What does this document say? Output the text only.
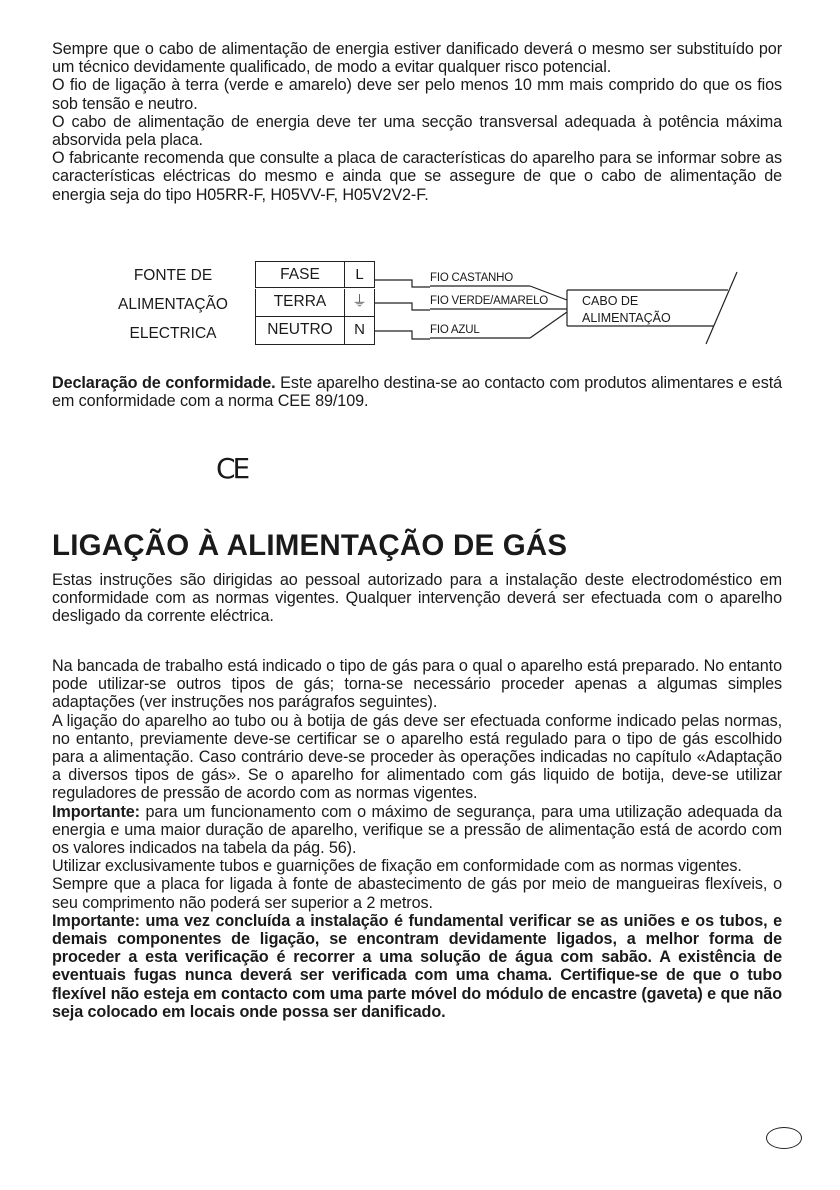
Sempre que o cabo de alimentação de energia estiver danificado deverá o mesmo ser substituído por um técnico devidamente qualificado, de modo a evitar qualquer risco potencial.

O fio de ligação à terra (verde e amarelo) deve ser pelo menos 10 mm mais comprido do que os fios sob tensão e neutro.

O cabo de alimentação de energia deve ter uma secção transversal adequada à potência máxima absorvida pela placa.

O fabricante recomenda que consulte a placa de características do aparelho para se informar sobre as características eléctricas do mesmo e ainda que se assegure de que o cabo de alimentação de energia seja do tipo H05RR-F, H05VV-F, H05V2V2-F.

FONTE DE
ALIMENTAÇÃO
ELECTRICA
FASE	L
TERRA	⏚
NEUTRO	N
FIO CASTANHO
FIO VERDE/AMARELO
FIO AZUL
CABO DE
ALIMENTAÇÃO

Declaração de conformidade. Este aparelho destina-se ao contacto com produtos alimentares e está em conformidade com a norma CEE 89/109.

CE
LIGAÇÃO À ALIMENTAÇÃO DE GÁS

Estas instruções são dirigidas ao pessoal autorizado para a instalação deste electrodoméstico em conformidade com as normas vigentes. Qualquer intervenção deverá ser efectuada com o aparelho desligado da corrente eléctrica.

Na bancada de trabalho está indicado o tipo de gás para o qual o aparelho está preparado. No entanto pode utilizar-se outros tipos de gás; torna-se necessário proceder apenas a algumas simples adaptações (ver instruções nos parágrafos seguintes).

A ligação do aparelho ao tubo ou à botija de gás deve ser efectuada conforme indicado pelas normas, no entanto, previamente deve-se certificar se o aparelho está regulado para o tipo de gás escolhido para a alimentação. Caso contrário deve-se proceder às operações indicadas no capítulo «Adaptação a diversos tipos de gás». Se o aparelho for alimentado com gás liquido de botija, deve-se utilizar reguladores de pressão de acordo com as normas vigentes.

Importante: para um funcionamento com o máximo de segurança, para uma utilização adequada da energia e uma maior duração de aparelho, verifique se a pressão de alimentação está de acordo com os valores indicados na tabela da pág. 56).

Utilizar exclusivamente tubos e guarnições de fixação em conformidade com as normas vigentes.

Sempre que a placa for ligada à fonte de abastecimento de gás por meio de mangueiras flexíveis, o seu comprimento não poderá ser superior a 2 metros.

Importante: uma vez concluída a instalação é fundamental verificar se as uniões e os tubos, e demais componentes de ligação, se encontram devidamente ligados, a melhor forma de proceder a esta verificação é recorrer a uma solução de água com sabão. A existência de eventuais fugas nunca deverá ser verificada com uma chama. Certifique-se de que o tubo flexível não esteja em contacto com uma parte móvel do módulo de encastre (gaveta) e que não seja colocado em locais onde possa ser danificado.
